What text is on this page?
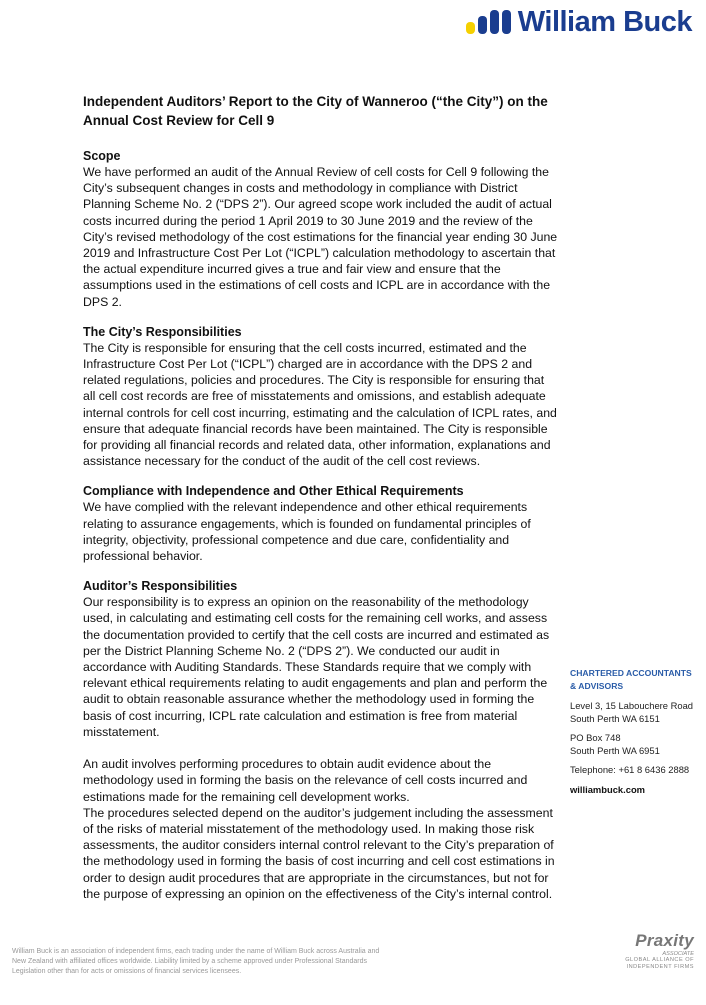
William Buck

Independent Auditors’ Report to the City of Wanneroo (“the City”) on the Annual Cost Review for Cell 9

Scope

We have performed an audit of the Annual Review of cell costs for Cell 9 following the City’s subsequent changes in costs and methodology in compliance with District Planning Scheme No. 2 (“DPS 2”). Our agreed scope work included the audit of actual costs incurred during the period 1 April 2019 to 30 June 2019 and the review of the City’s revised methodology of the cost estimations for the financial year ending 30 June 2019 and Infrastructure Cost Per Lot (“ICPL”) calculation methodology to ascertain that the actual expenditure incurred gives a true and fair view and ensure that the assumptions used in the estimations of cell costs and ICPL are in accordance with the DPS 2.

The City’s Responsibilities

The City is responsible for ensuring that the cell costs incurred, estimated and the Infrastructure Cost Per Lot (“ICPL”) charged are in accordance with the DPS 2 and related regulations, policies and procedures. The City is responsible for ensuring that all cell cost records are free of misstatements and omissions, and establish adequate internal controls for cell cost incurring, estimating and the calculation of ICPL rates, and ensure that adequate financial records have been maintained. The City is responsible for providing all financial records and related data, other information, explanations and assistance necessary for the conduct of the audit of the cell cost reviews.

Compliance with Independence and Other Ethical Requirements

We have complied with the relevant independence and other ethical requirements relating to assurance engagements, which is founded on fundamental principles of integrity, objectivity, professional competence and due care, confidentiality and professional behavior.

Auditor’s Responsibilities

Our responsibility is to express an opinion on the reasonability of the methodology used, in calculating and estimating cell costs for the remaining cell works, and assess the documentation provided to certify that the cell costs are incurred and estimated as per the District Planning Scheme No. 2 (“DPS 2”). We conducted our audit in accordance with Auditing Standards. These Standards require that we comply with relevant ethical requirements relating to audit engagements and plan and perform the audit to obtain reasonable assurance whether the methodology used in forming the basis of cost incurring, ICPL rate calculation and estimation is free from material misstatement.

An audit involves performing procedures to obtain audit evidence about the methodology used in forming the basis on the relevance of cell costs incurred and estimations made for the remaining cell development works.

The procedures selected depend on the auditor’s judgement including the assessment of the risks of material misstatement of the methodology used. In making those risk assessments, the auditor considers internal control relevant to the City’s preparation of the methodology used in forming the basis of cost incurring and cell cost estimations in order to design audit procedures that are appropriate in the circumstances, but not for the purpose of expressing an opinion on the effectiveness of the City’s internal control.

CHARTERED ACCOUNTANTS
& ADVISORS
Level 3, 15 Labouchere Road
South Perth WA 6151
PO Box 748
South Perth WA 6951
Telephone: +61 8 6436 2888
williambuck.com
William Buck is an association of independent firms, each trading under the name of William Buck across Australia and New Zealand with affiliated offices worldwide. Liability limited by a scheme approved under Professional Standards Legislation other than for acts or omissions of financial services licensees.
Praxity
ASSOCIATE
GLOBAL ALLIANCE OF
INDEPENDENT FIRMS
